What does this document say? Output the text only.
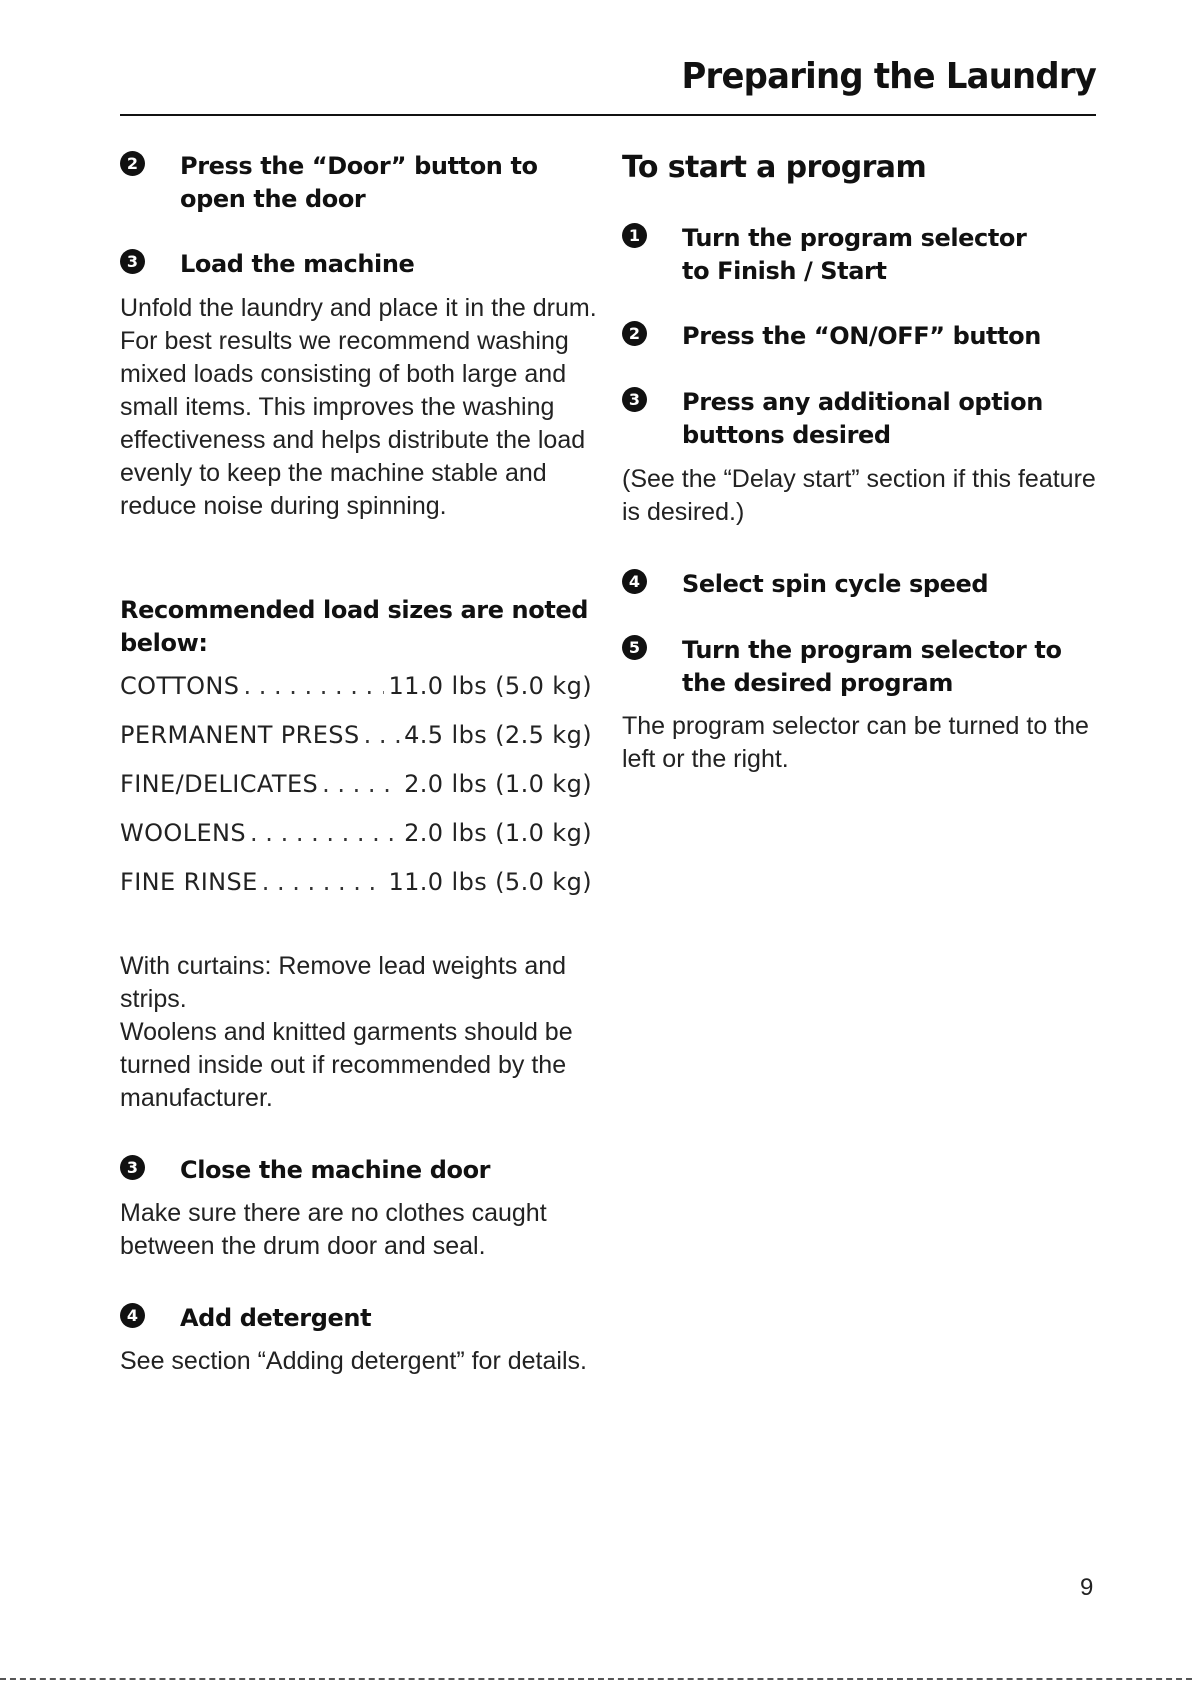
Preparing the Laundry
2 Press the “Door” button to open the door
3 Load the machine
Unfold the laundry and place it in the drum. For best results we recommend washing mixed loads consisting of both large and small items. This improves the washing effectiveness and helps distribute the load evenly to keep the machine stable and reduce noise during spinning.
Recommended load sizes are noted below:
COTTONS . . .	11.0 lbs (5.0 kg)
PERMANENT PRESS . . . 4.5 lbs (2.5 kg)
FINE/DELICATES . . .	2.0 lbs (1.0 kg)
WOOLENS . . .	2.0 lbs (1.0 kg)
FINE RINSE . . .	11.0 lbs (5.0 kg)
With curtains: Remove lead weights and strips.
Woolens and knitted garments should be turned inside out if recommended by the manufacturer.
3 Close the machine door
Make sure there are no clothes caught between the drum door and seal.
4 Add detergent
See section “Adding detergent” for details.
To start a program
1 Turn the program selector to Finish / Start
2 Press the “ON/OFF” button
3 Press any additional option buttons desired
(See the “Delay start” section if this feature is desired.)
4 Select spin cycle speed
5 Turn the program selector to the desired program
The program selector can be turned to the left or the right.
9
